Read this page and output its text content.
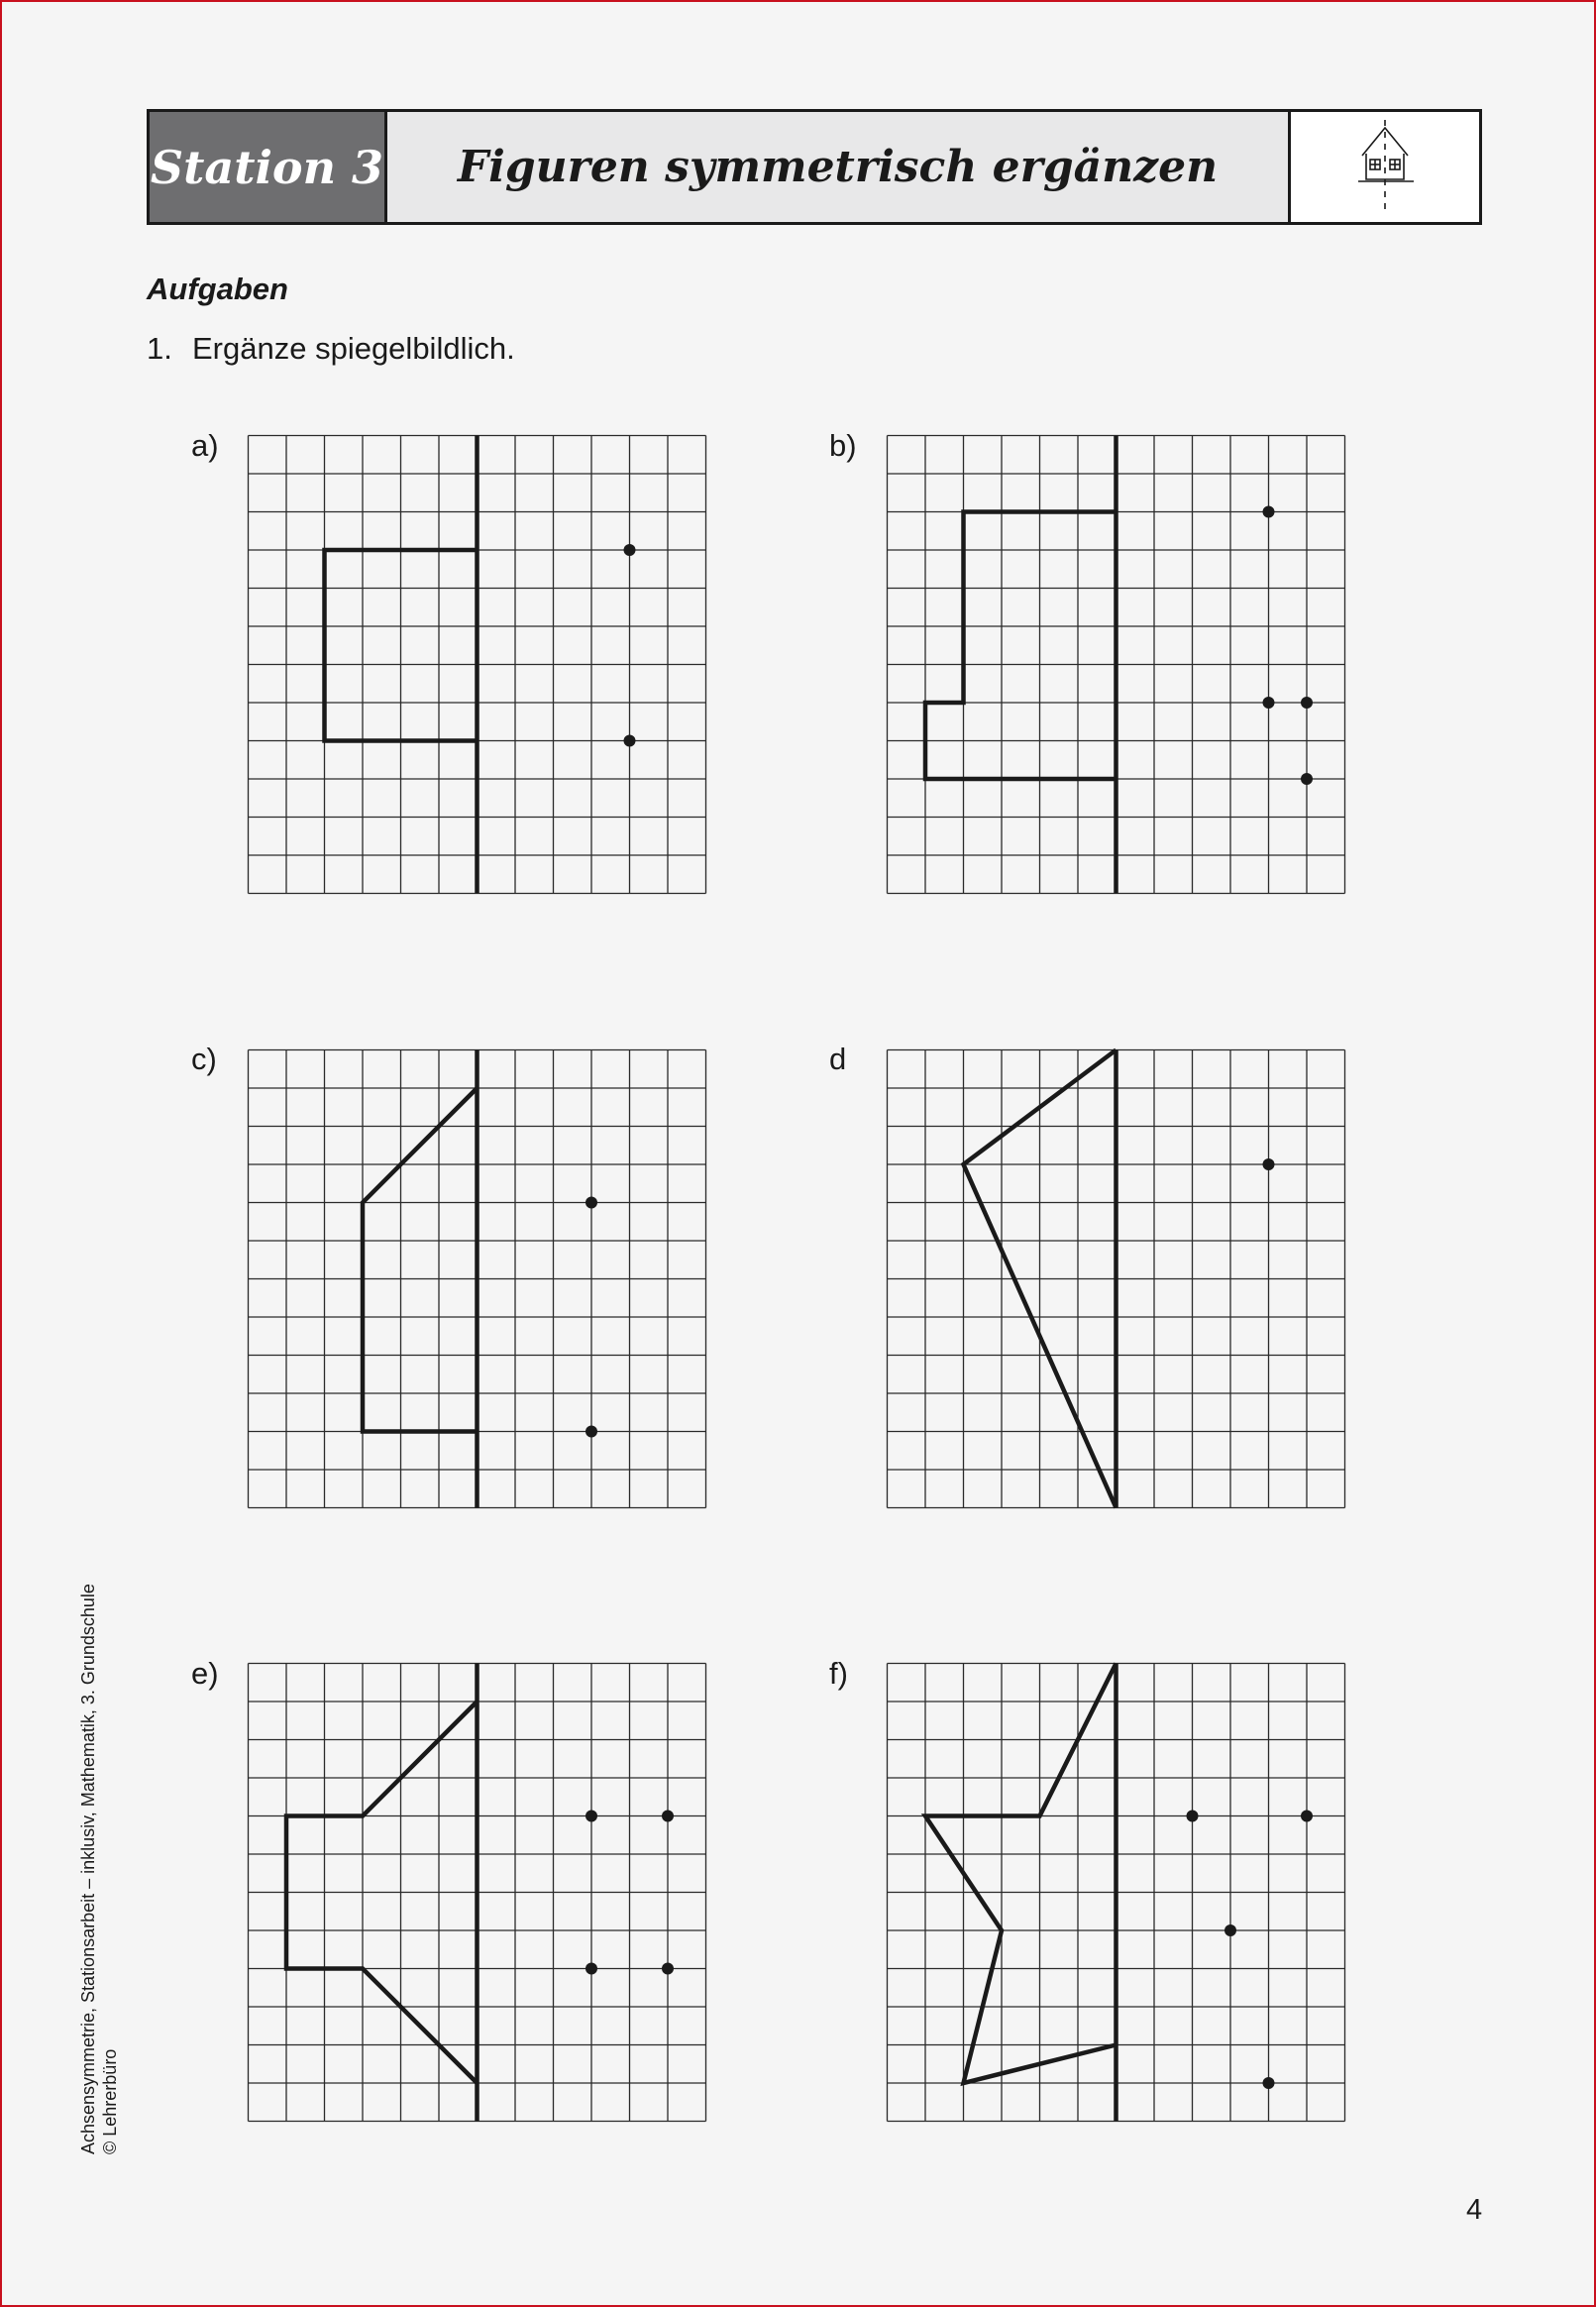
Station 3	Figuren symmetrisch ergänzen
Aufgaben
1. Ergänze spiegelbildlich.
a)	b)
c)	d
e)	f)
Achsensymmetrie, Stationsarbeit – inklusiv, Mathematik, 3. Grundschule © Lehrerbüro
4
